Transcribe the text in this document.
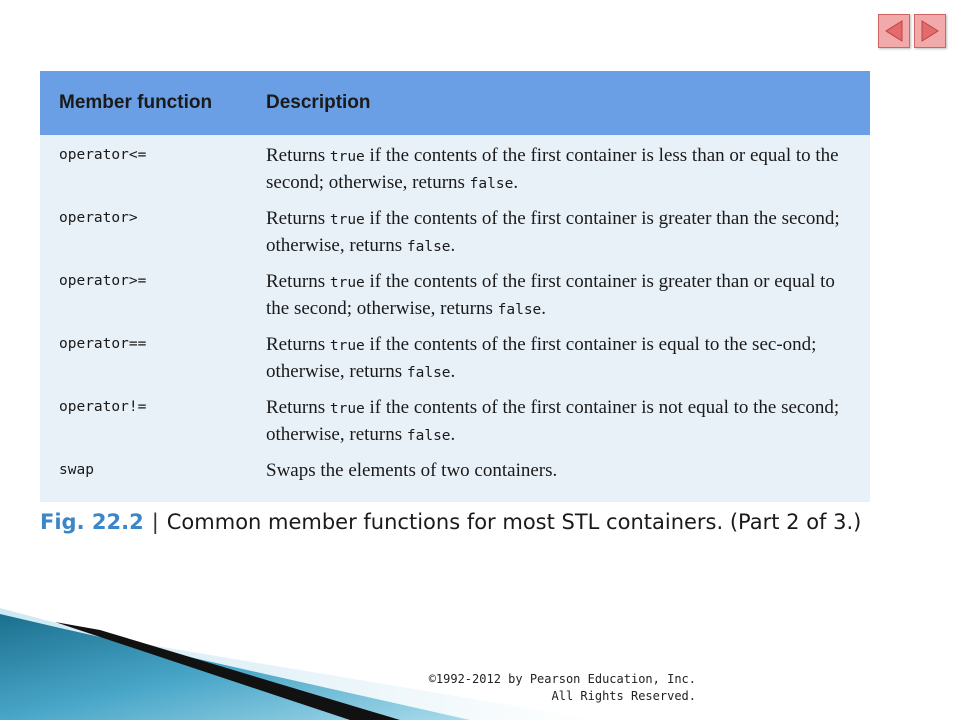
Member function	Description
operator<=	Returns true if the contents of the first container is less than or equal to the second; otherwise, returns false.
operator>	Returns true if the contents of the first container is greater than the second; otherwise, returns false.
operator>=	Returns true if the contents of the first container is greater than or equal to the second; otherwise, returns false.
operator==	Returns true if the contents of the first container is equal to the sec-ond; otherwise, returns false.
operator!=	Returns true if the contents of the first container is not equal to the second; otherwise, returns false.
swap	Swaps the elements of two containers.
Fig. 22.2 | Common member functions for most STL containers. (Part 2 of 3.)
©1992-2012 by Pearson Education, Inc.
All Rights Reserved.
